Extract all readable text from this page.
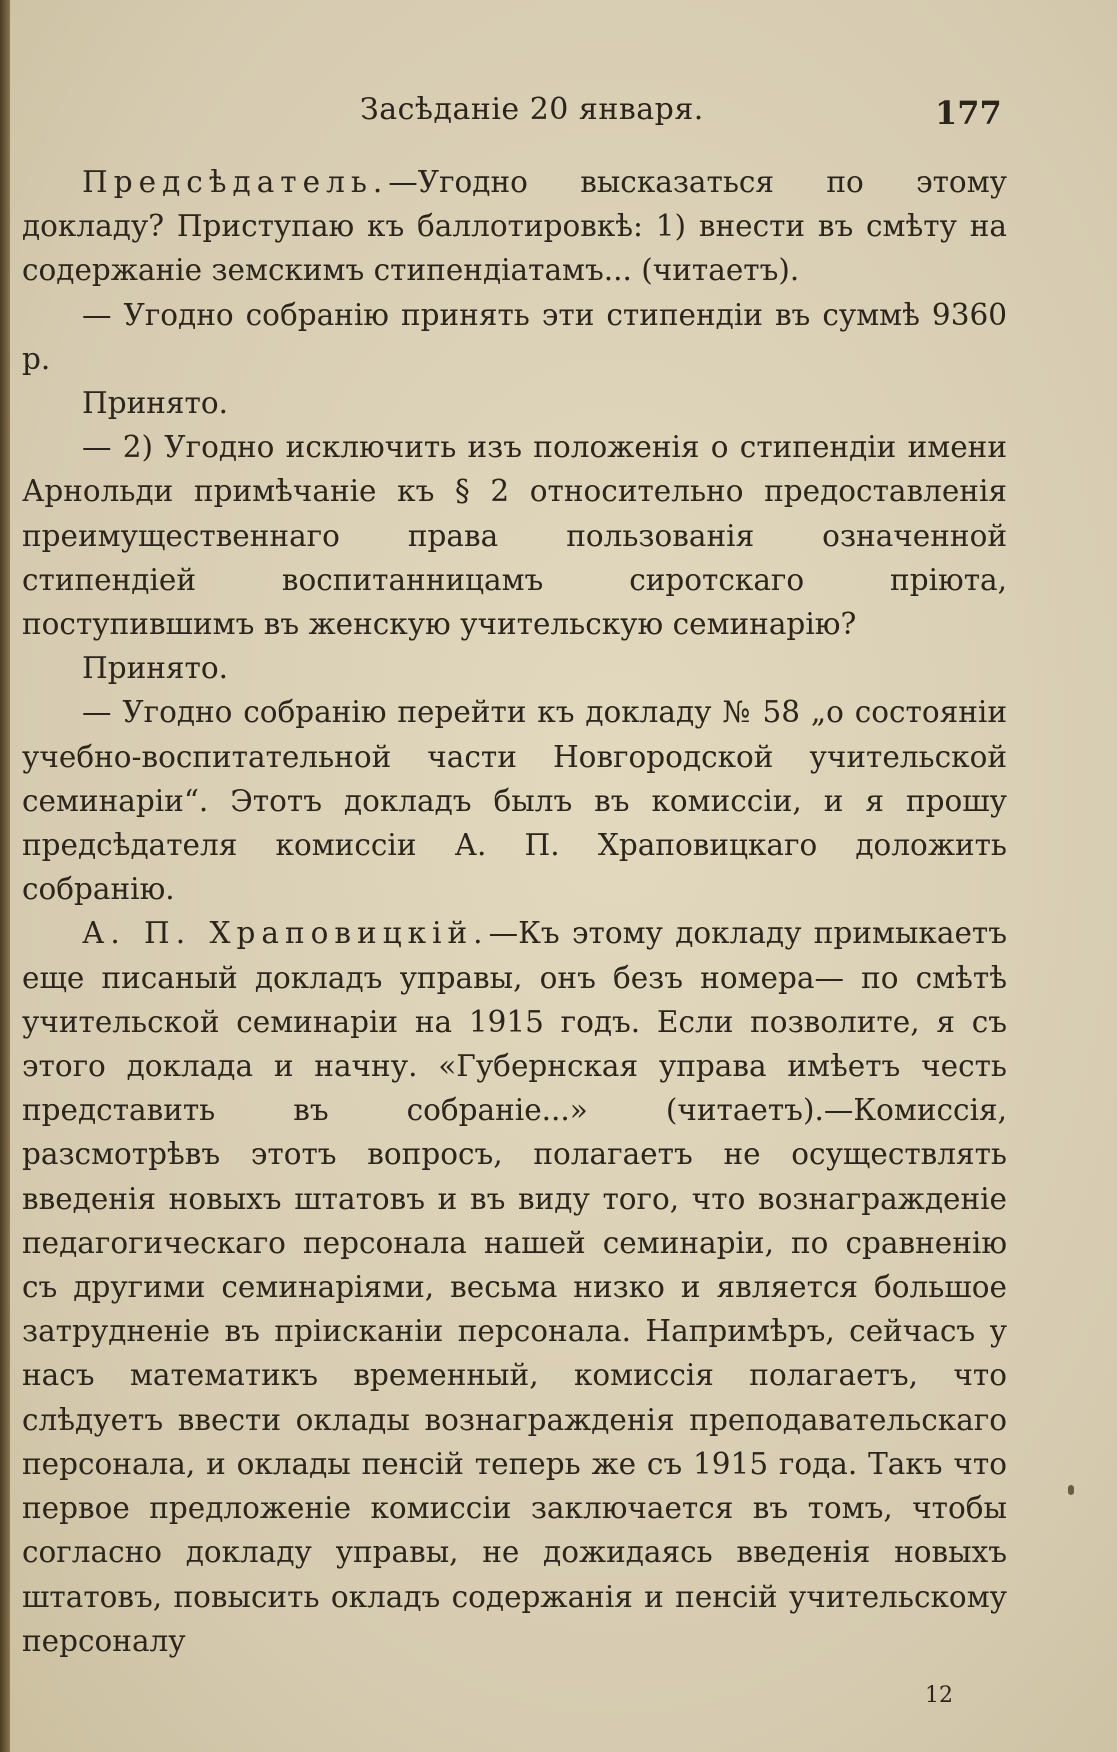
Засѣданіе 20 января.	177

Предсѣдатель.—Угодно высказаться по этому докладу? Приступаю къ баллотировкѣ: 1) внести въ смѣту на содержаніе земскимъ стипендіатамъ... (читаетъ).

— Угодно собранію принять эти стипендіи въ суммѣ 9360 р.

Принято.

— 2) Угодно исключить изъ положенія о стипендіи имени Арнольди примѣчаніе къ § 2 относительно предоставленія преимущественнаго права пользованія означенной стипендіей воспитанницамъ сиротскаго пріюта, поступившимъ въ женскую учительскую семинарію?

Принято.

— Угодно собранію перейти къ докладу № 58 „о состояніи учебно-воспитательной части Новгородской учительской семинаріи“. Этотъ докладъ былъ въ комиссіи, и я прошу предсѣдателя комиссіи А. П. Храповицкаго доложить собранію.

А. П. Храповицкій.—Къ этому докладу примыкаетъ еще писаный докладъ управы, онъ безъ номера— по смѣтѣ учительской семинаріи на 1915 годъ. Если позволите, я съ этого доклада и начну. «Губернская управа имѣетъ честь представить въ собраніе...» (читаетъ).—Комиссія, разсмотрѣвъ этотъ вопросъ, полагаетъ не осуществлять введенія новыхъ штатовъ и въ виду того, что вознагражденіе педагогическаго персонала нашей семинаріи, по сравненію съ другими семинаріями, весьма низко и является большое затрудненіе въ пріисканіи персонала. Напримѣръ, сейчасъ у насъ математикъ временный, комиссія полагаетъ, что слѣдуетъ ввести оклады вознагражденія преподавательскаго персонала, и оклады пенсій теперь же съ 1915 года. Такъ что первое предложеніе комиссіи заключается въ томъ, чтобы согласно докладу управы, не дожидаясь введенія новыхъ штатовъ, повысить окладъ содержанія и пенсій учительскому персоналу

12
